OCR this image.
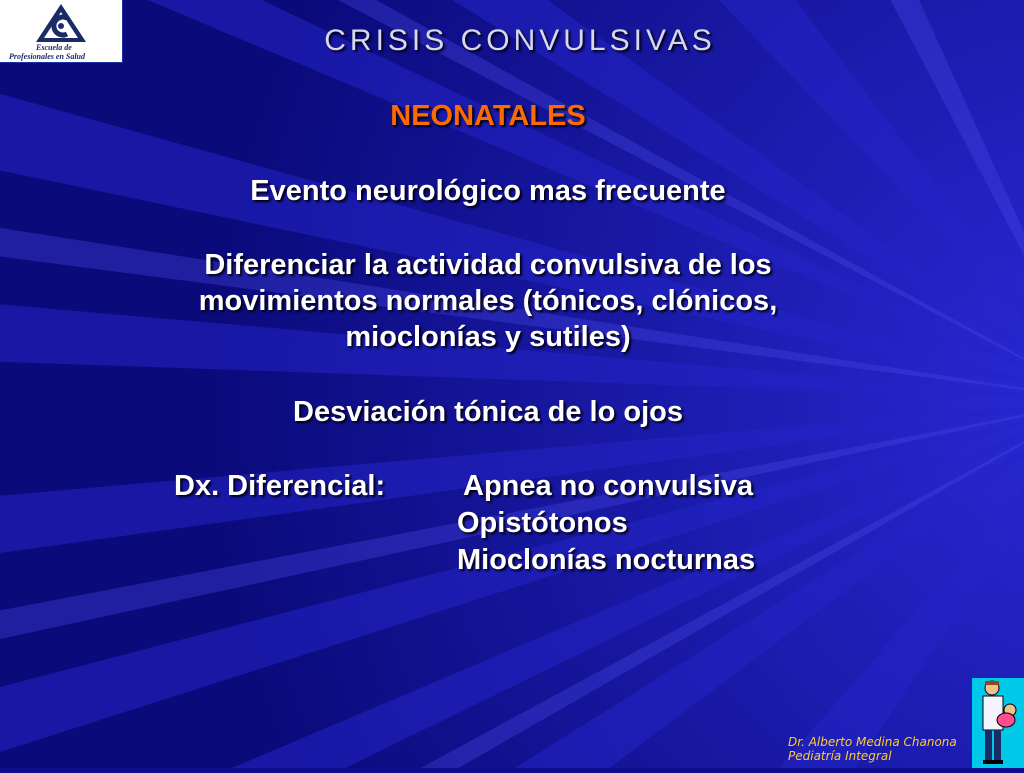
Escuela de
Profesionales en Salud	CRISIS CONVULSIVAS
NEONATALES
Evento neurológico mas frecuente
Diferenciar la actividad convulsiva de los
movimientos normales (tónicos, clónicos,
mioclonías y sutiles)
Desviación tónica de lo ojos
Dx. Diferencial:	Apnea no convulsiva
Opistótonos
Mioclonías nocturnas
Dr. Alberto Medina Chanona
Pediatría Integral
